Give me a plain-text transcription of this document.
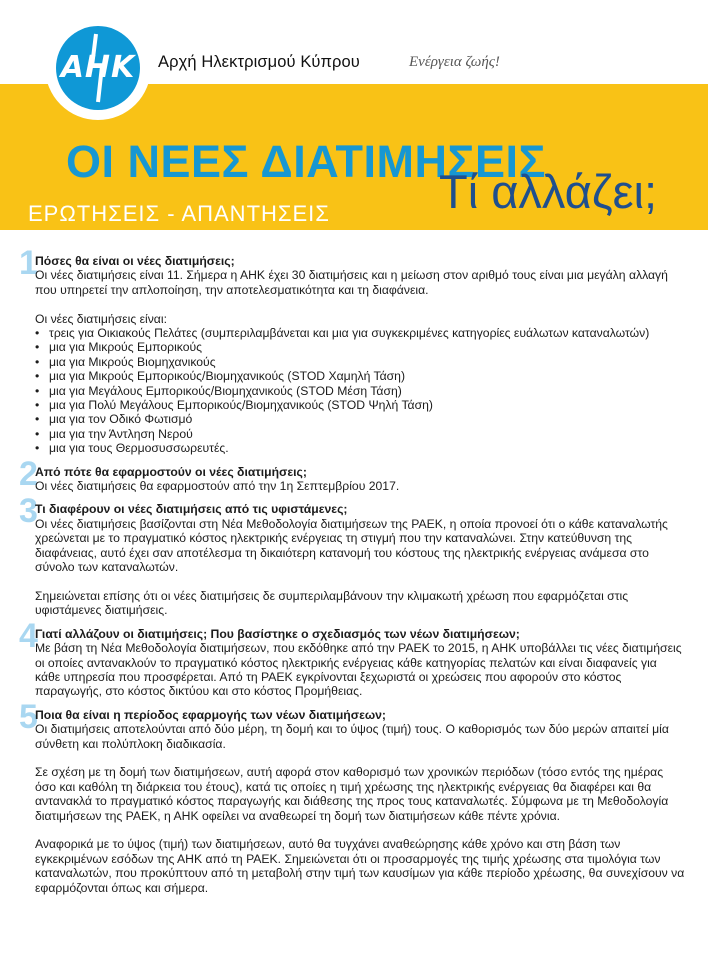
ΑΗΚ Αρχή Ηλεκτρισμού Κύπρου	Ενέργεια ζωής!
ΟΙ ΝΕΕΣ ΔΙΑΤΙΜΗΣΕΙΣ
Τί αλλάζει;
ΕΡΩΤΗΣΕΙΣ - ΑΠΑΝΤΗΣΕΙΣ
1
Πόσες θα είναι οι νέες διατιμήσεις;
Οι νέες διατιμήσεις είναι 11. Σήμερα η ΑΗΚ έχει 30 διατιμήσεις και η μείωση στον αριθμό τους είναι μια μεγάλη αλλαγή που υπηρετεί την απλοποίηση, την αποτελεσματικότητα και τη διαφάνεια.
Οι νέες διατιμήσεις είναι:
• τρεις για Οικιακούς Πελάτες (συμπεριλαμβάνεται και μια για συγκεκριμένες κατηγορίες ευάλωτων καταναλωτών)
• μια για Μικρούς Εμπορικούς
• μια για Μικρούς Βιομηχανικούς
• μια για Μικρούς Εμπορικούς/Βιομηχανικούς (STOD Χαμηλή Τάση)
• μια για Μεγάλους Εμπορικούς/Βιομηχανικούς (STOD Μέση Τάση)
• μια για Πολύ Μεγάλους Εμπορικούς/Βιομηχανικούς (STOD Ψηλή Τάση)
• μια για τον Οδικό Φωτισμό
• μια για την Άντληση Νερού
• μια για τους Θερμοσυσσωρευτές.
2
Από πότε θα εφαρμοστούν οι νέες διατιμήσεις;
Οι νέες διατιμήσεις θα εφαρμοστούν από την 1η Σεπτεμβρίου 2017.
3
Τι διαφέρουν οι νέες διατιμήσεις από τις υφιστάμενες;
Οι νέες διατιμήσεις βασίζονται στη Νέα Μεθοδολογία διατιμήσεων της ΡΑΕΚ, η οποία προνοεί ότι ο κάθε καταναλωτής χρεώνεται με το πραγματικό κόστος ηλεκτρικής ενέργειας τη στιγμή που την καταναλώνει. Στην κατεύθυνση της διαφάνειας, αυτό έχει σαν αποτέλεσμα τη δικαιότερη κατανομή του κόστους της ηλεκτρικής ενέργειας ανάμεσα στο σύνολο των καταναλωτών.
Σημειώνεται επίσης ότι οι νέες διατιμήσεις δε συμπεριλαμβάνουν την κλιμακωτή χρέωση που εφαρμόζεται στις υφιστάμενες διατιμήσεις.
4
Γιατί αλλάζουν οι διατιμήσεις; Που βασίστηκε ο σχεδιασμός των νέων διατιμήσεων;
Με βάση τη Νέα Μεθοδολογία διατιμήσεων, που εκδόθηκε από την ΡΑΕΚ το 2015, η ΑΗΚ υποβάλλει τις νέες διατιμήσεις οι οποίες αντανακλούν το πραγματικό κόστος ηλεκτρικής ενέργειας κάθε κατηγορίας πελατών και είναι διαφανείς για κάθε υπηρεσία που προσφέρεται. Από τη ΡΑΕΚ εγκρίνονται ξεχωριστά οι χρεώσεις που αφορούν στο κόστος παραγωγής, στο κόστος δικτύου και στο κόστος Προμήθειας.
5
Ποια θα είναι η περίοδος εφαρμογής των νέων διατιμήσεων;
Οι διατιμήσεις αποτελούνται από δύο μέρη, τη δομή και το ύψος (τιμή) τους. Ο καθορισμός των δύο μερών απαιτεί μία σύνθετη και πολύπλοκη διαδικασία.
Σε σχέση με τη δομή των διατιμήσεων, αυτή αφορά στον καθορισμό των χρονικών περιόδων (τόσο εντός της ημέρας όσο και καθόλη τη διάρκεια του έτους), κατά τις οποίες η τιμή χρέωσης της ηλεκτρικής ενέργειας θα διαφέρει και θα αντανακλά το πραγματικό κόστος παραγωγής και διάθεσης της προς τους καταναλωτές. Σύμφωνα με τη Μεθοδολογία διατιμήσεων της ΡΑΕΚ, η ΑΗΚ οφείλει να αναθεωρεί τη δομή των διατιμήσεων κάθε πέντε χρόνια.
Αναφορικά με το ύψος (τιμή) των διατιμήσεων, αυτό θα τυγχάνει αναθεώρησης κάθε χρόνο και στη βάση των εγκεκριμένων εσόδων της ΑΗΚ από τη ΡΑΕΚ. Σημειώνεται ότι οι προσαρμογές της τιμής χρέωσης στα τιμολόγια των καταναλωτών, που προκύπτουν από τη μεταβολή στην τιμή των καυσίμων για κάθε περίοδο χρέωσης, θα συνεχίσουν να εφαρμόζονται όπως και σήμερα.
